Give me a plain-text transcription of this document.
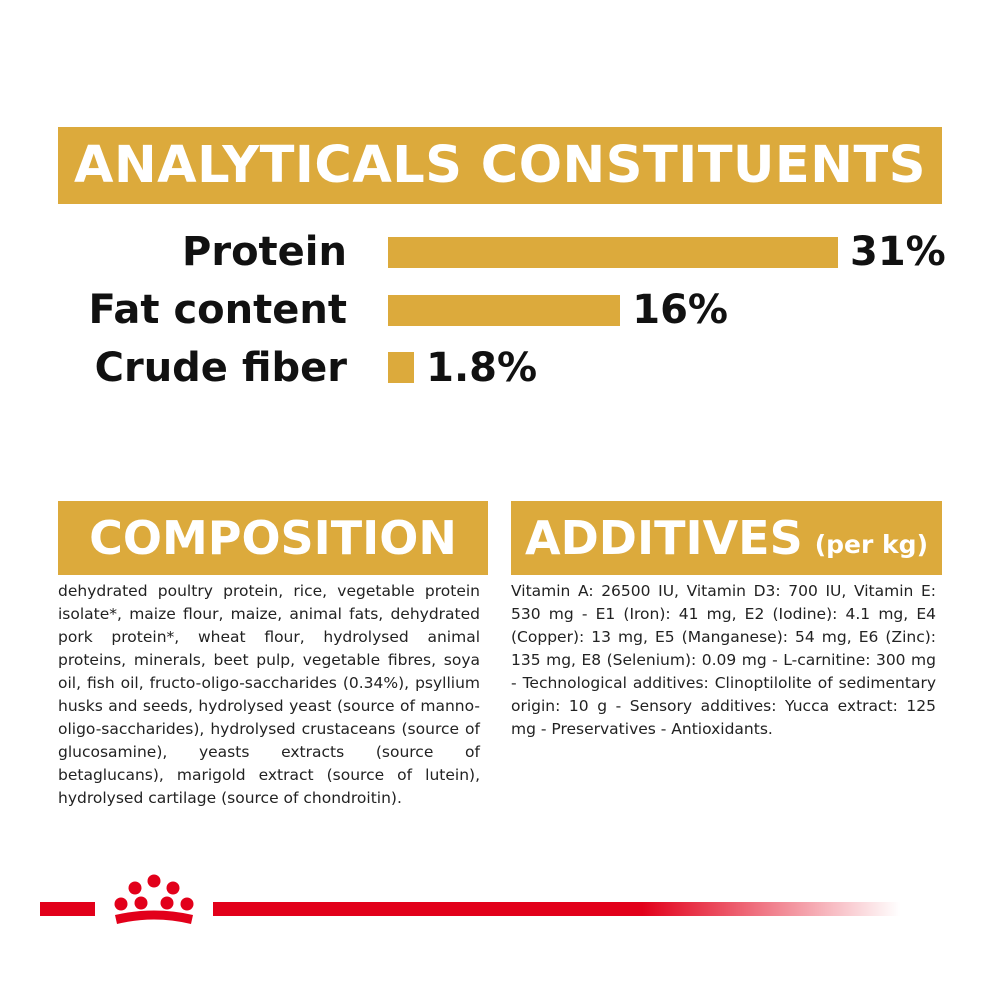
ANALYTICALS CONSTITUENTS
Protein	31%
Fat content	16%
Crude fiber 1.8%
COMPOSITION
dehydrated poultry protein, rice, vegetable protein isolate*, maize flour, maize, animal fats, dehydrated pork protein*, wheat flour, hydrolysed animal proteins, minerals, beet pulp, vegetable fibres, soya oil, fish oil, fructo-oligo-saccharides (0.34%), psyllium husks and seeds, hydrolysed yeast (source of manno-oligo-saccharides), hydrolysed crustaceans (source of glucosamine), yeasts extracts (source of betaglucans), marigold extract (source of lutein), hydrolysed cartilage (source of chondroitin).
ADDITIVES (per kg)
Vitamin A: 26500 IU, Vitamin D3: 700 IU, Vitamin E: 530 mg - E1 (Iron): 41 mg, E2 (Iodine): 4.1 mg, E4 (Copper): 13 mg, E5 (Manganese): 54 mg, E6 (Zinc): 135 mg, E8 (Selenium): 0.09 mg - L-carnitine: 300 mg - Technological additives: Clinoptilolite of sedimentary origin: 10 g - Sensory additives: Yucca extract: 125 mg - Preservatives - Antioxidants.
